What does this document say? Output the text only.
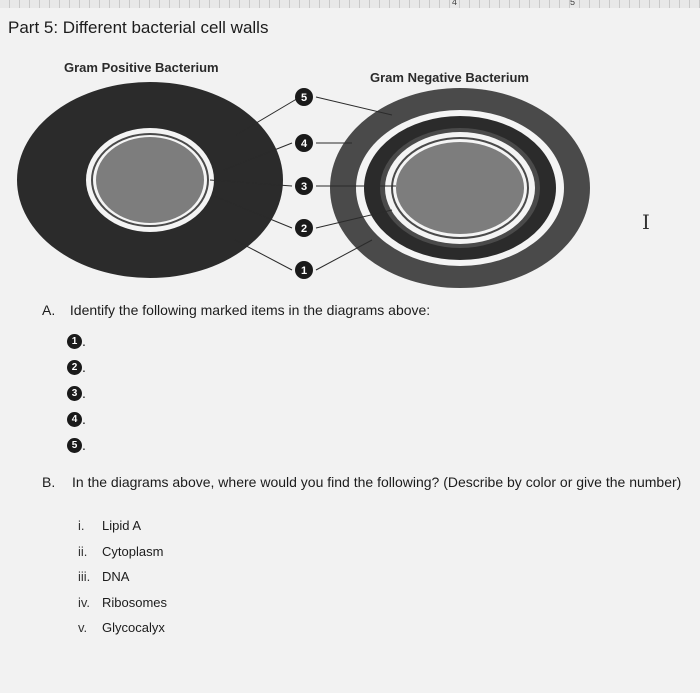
4	5
Part 5: Different bacterial cell walls
Gram Positive Bacterium
Gram Negative Bacterium
5
4
3
2
1
I
A. Identify the following marked items in the diagrams above:
1 .
2 .
3 .
4 .
5 .
B. In the diagrams above, where would you find the following? (Describe by color or give the number)
i.	Lipid A
ii.	Cytoplasm
iii. DNA
iv. Ribosomes
v.	Glycocalyx
